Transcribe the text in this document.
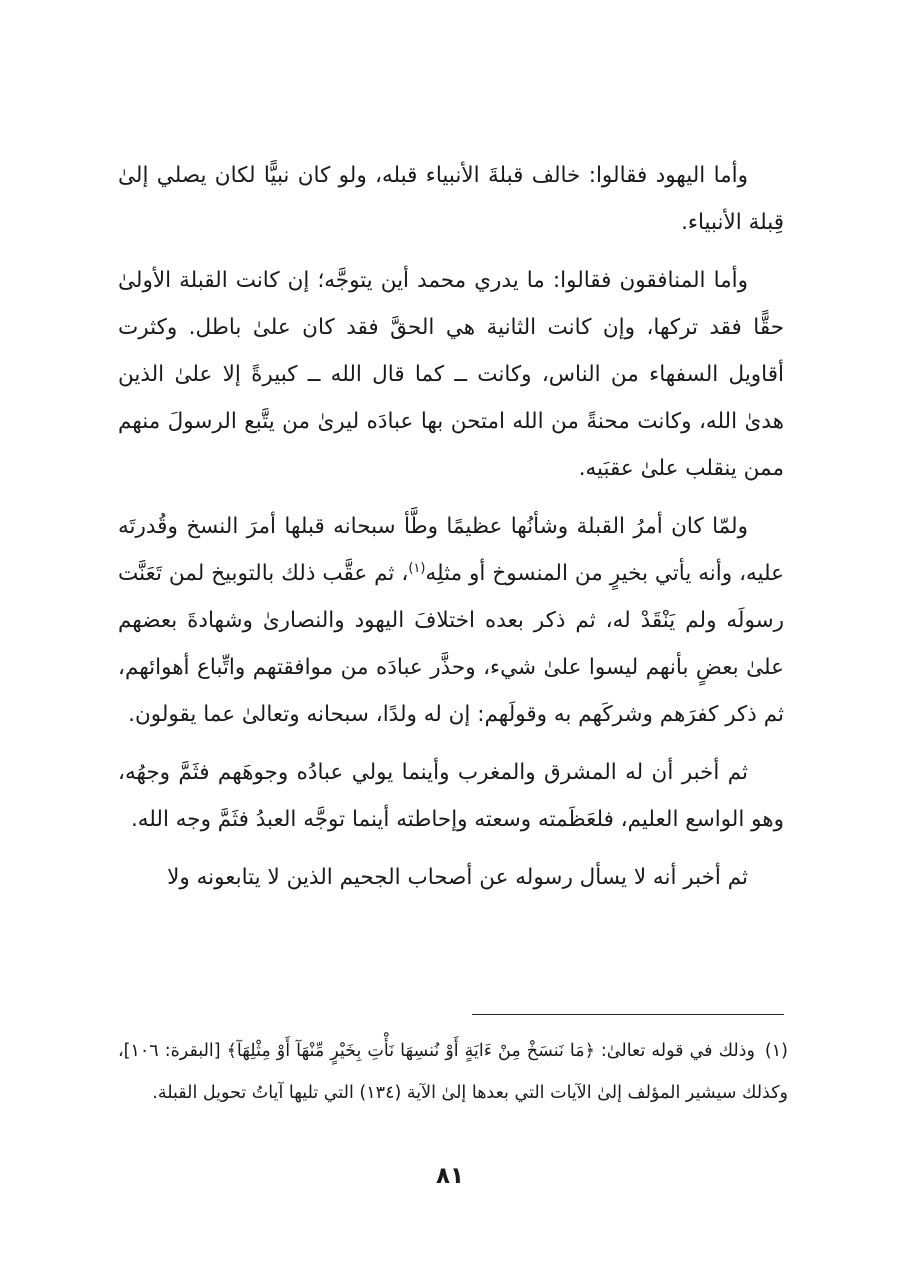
وأما اليهود فقالوا: خالف قبلةَ الأنبياء قبله، ولو كان نبيًّا لكان يصلي إلىٰ قِبلة الأنبياء.

وأما المنافقون فقالوا: ما يدري محمد أين يتوجَّه؛ إن كانت القبلة الأولىٰ حقًّا فقد تركها، وإن كانت الثانية هي الحقَّ فقد كان علىٰ باطل. وكثرت أقاويل السفهاء من الناس، وكانت ــ كما قال الله ــ كبيرةً إلا علىٰ الذين هدىٰ الله، وكانت محنةً من الله امتحن بها عبادَه ليرىٰ من يتَّبع الرسولَ منهم ممن ينقلب علىٰ عقبَيه.

ولمّا كان أمرُ القبلة وشأنُها عظيمًا وطَّأ سبحانه قبلها أمرَ النسخ وقُدرتَه عليه، وأنه يأتي بخيرٍ من المنسوخ أو مثلِه$^{(١)}$، ثم عقَّب ذلك بالتوبيخ لمن تَعَنَّت رسولَه ولم يَنْقَدْ له، ثم ذكر بعده اختلافَ اليهود والنصارىٰ وشهادةَ بعضهم علىٰ بعضٍ بأنهم ليسوا علىٰ شيء، وحذَّر عبادَه من موافقتهم واتِّباع أهوائهم، ثم ذكر كفرَهم وشركَهم به وقولَهم: إن له ولدًا، سبحانه وتعالىٰ عما يقولون.

ثم أخبر أن له المشرق والمغرب وأينما يولي عبادُه وجوهَهم فثَمَّ وجهُه، وهو الواسع العليم، فلعَظَمته وسعته وإحاطته أينما توجَّه العبدُ فثَمَّ وجه الله.

ثم أخبر أنه لا يسأل رسوله عن أصحاب الجحيم الذين لا يتابعونه ولا

(١)وذلك في قوله تعالىٰ: ﴿مَا نَنسَخْ مِنْ ءَايَةٍ أَوْ نُنسِهَا نَأْتِ بِخَيْرٍ مِّنْهَآ أَوْ مِثْلِهَآ﴾ [البقرة: ١٠٦]، وكذلك سيشير المؤلف إلىٰ الآيات التي بعدها إلىٰ الآية (١٣٤) التي تليها آياتُ تحويل القبلة.

٨١
